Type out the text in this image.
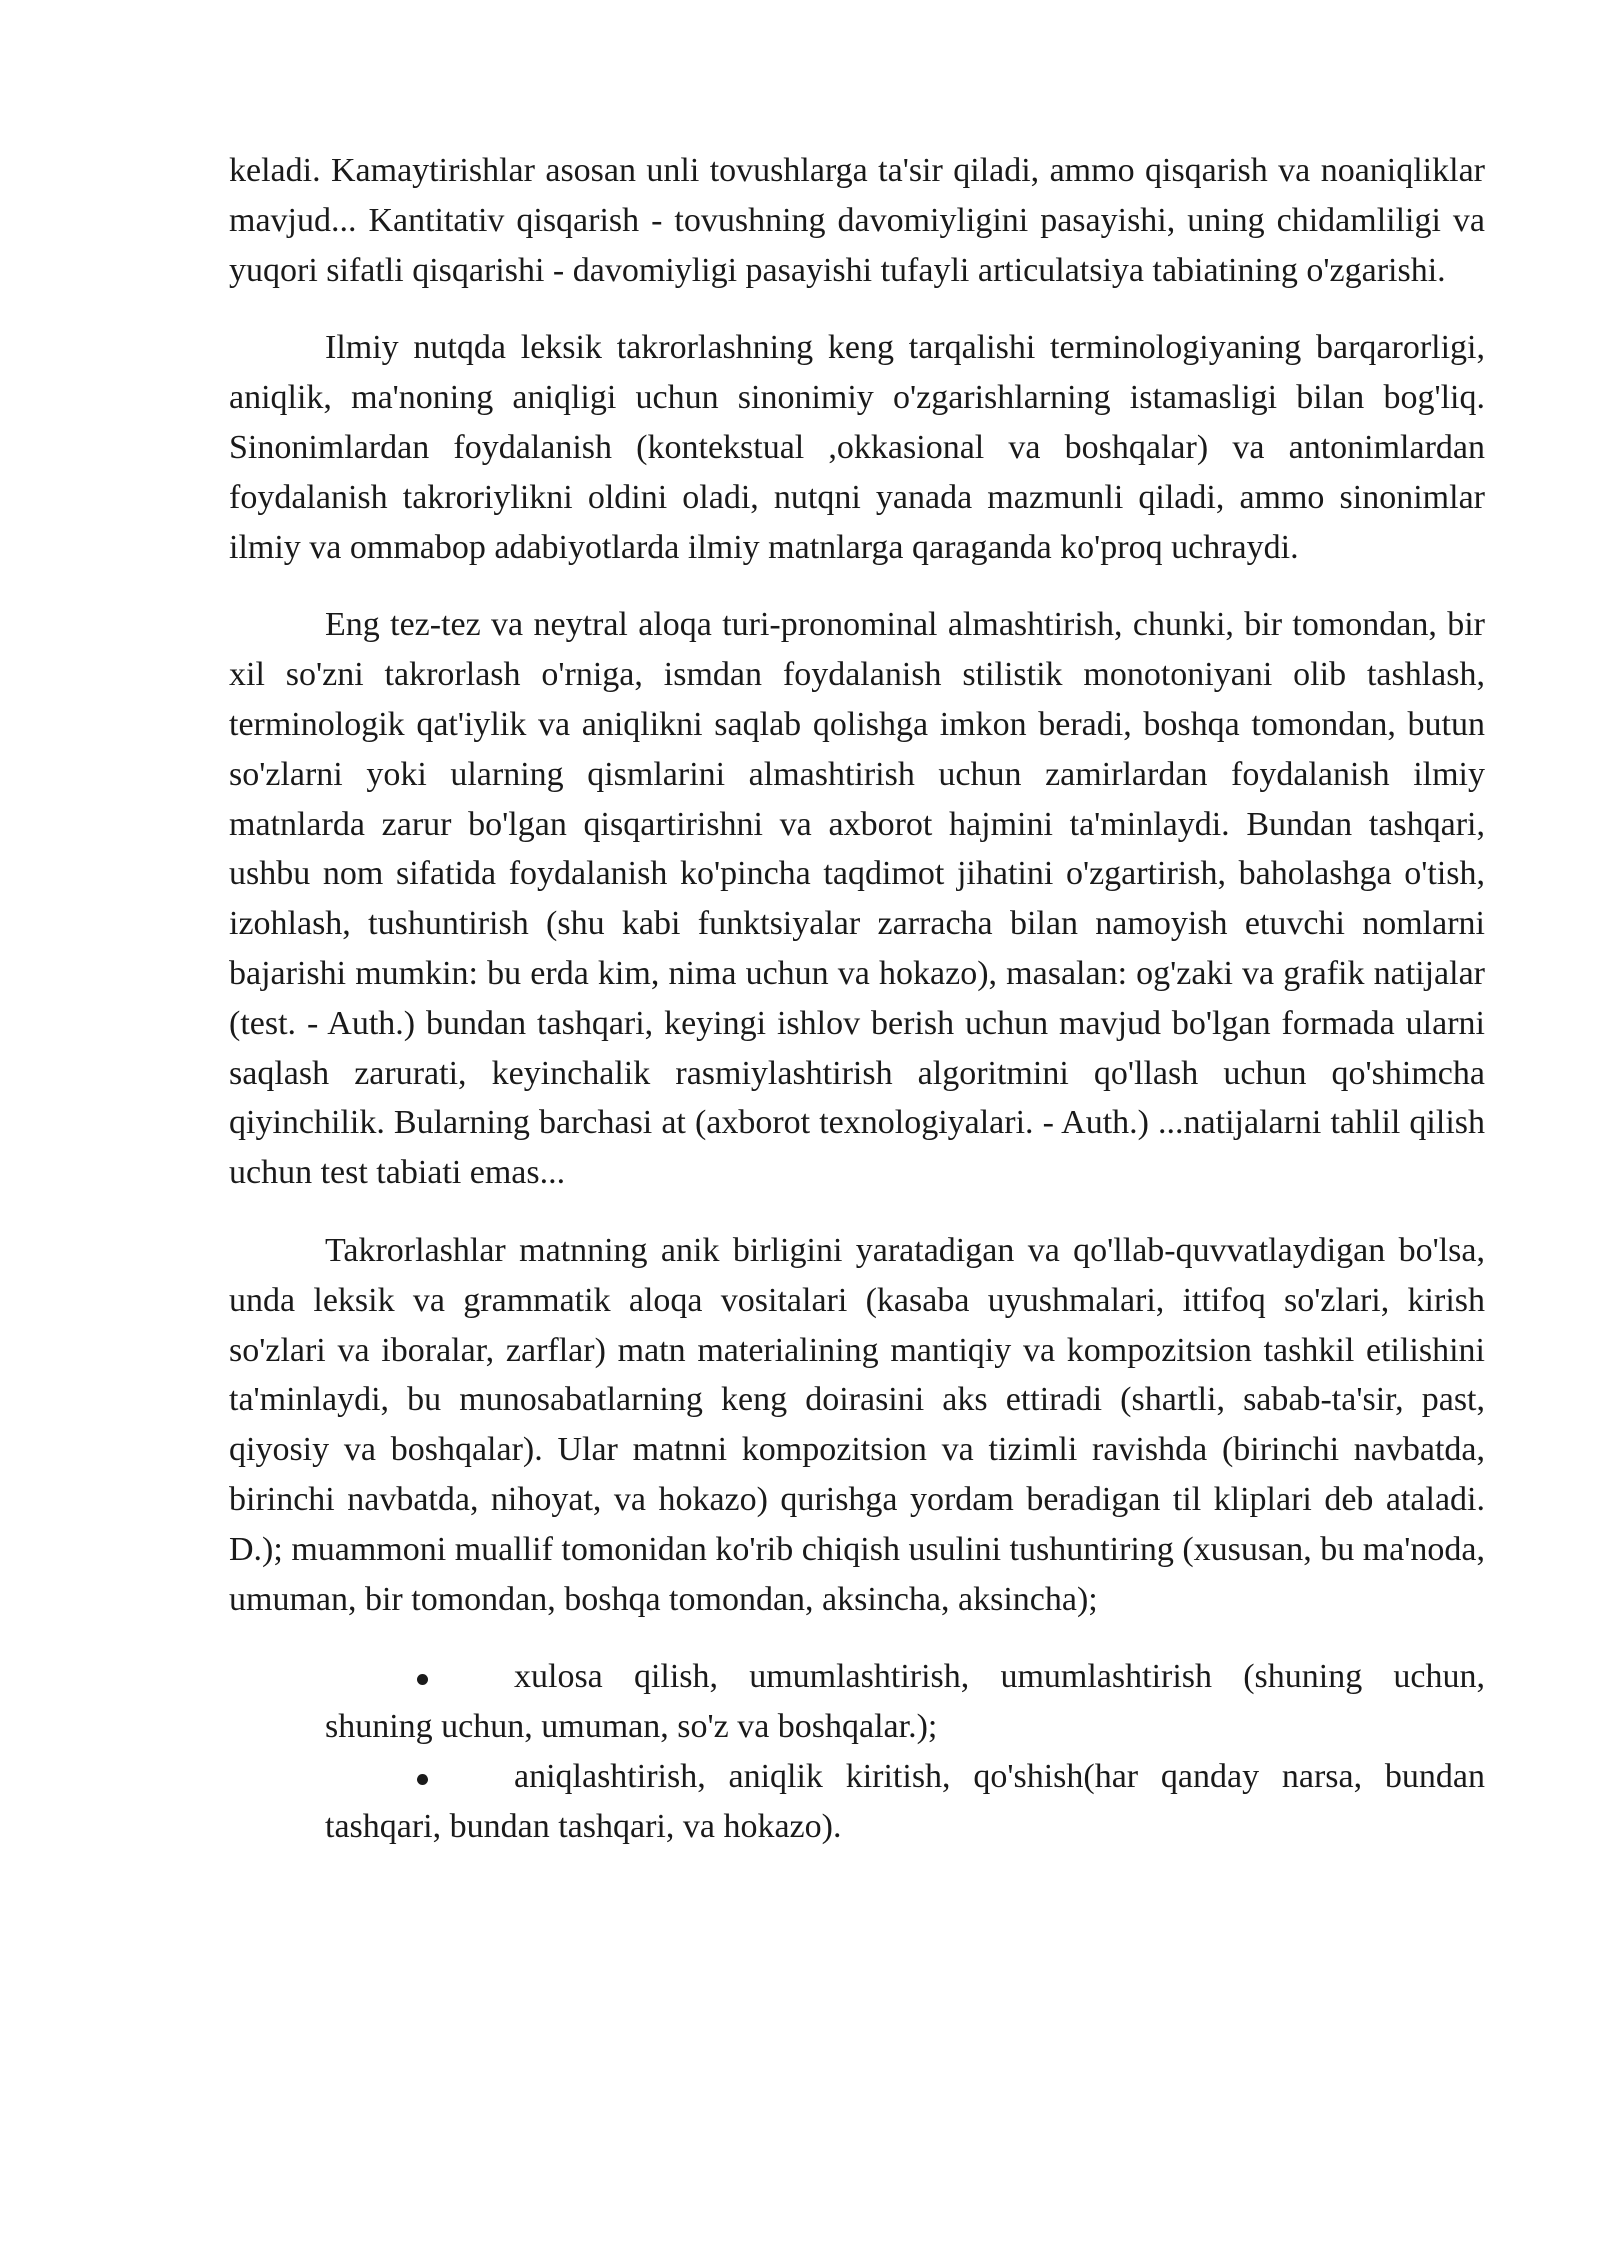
keladi. Kamaytirishlar asosan unli tovushlarga ta'sir qiladi, ammo qisqarish va noaniqliklar mavjud... Kantitativ qisqarish - tovushning davomiyligini pasayishi, uning chidamliligi va yuqori sifatli qisqarishi - davomiyligi pasayishi tufayli articulatsiya tabiatining o'zgarishi.

Ilmiy nutqda leksik takrorlashning keng tarqalishi terminologiyaning barqarorligi, aniqlik, ma'noning aniqligi uchun sinonimiy o'zgarishlarning istamasligi bilan bog'liq. Sinonimlardan foydalanish (kontekstual ,okkasional va boshqalar) va antonimlardan foydalanish takroriylikni oldini oladi, nutqni yanada mazmunli qiladi, ammo sinonimlar ilmiy va ommabop adabiyotlarda ilmiy matnlarga qaraganda ko'proq uchraydi.

Eng tez-tez va neytral aloqa turi-pronominal almashtirish, chunki, bir tomondan, bir xil so'zni takrorlash o'rniga, ismdan foydalanish stilistik monotoniyani olib tashlash, terminologik qat'iylik va aniqlikni saqlab qolishga imkon beradi, boshqa tomondan, butun so'zlarni yoki ularning qismlarini almashtirish uchun zamirlardan foydalanish ilmiy matnlarda zarur bo'lgan qisqartirishni va axborot hajmini ta'minlaydi. Bundan tashqari, ushbu nom sifatida foydalanish ko'pincha taqdimot jihatini o'zgartirish, baholashga o'tish, izohlash, tushuntirish (shu kabi funktsiyalar zarracha bilan namoyish etuvchi nomlarni bajarishi mumkin: bu erda kim, nima uchun va hokazo), masalan: og'zaki va grafik natijalar (test. - Auth.) bundan tashqari, keyingi ishlov berish uchun mavjud bo'lgan formada ularni saqlash zarurati, keyinchalik rasmiylashtirish algoritmini qo'llash uchun qo'shimcha qiyinchilik. Bularning barchasi at (axborot texnologiyalari. - Auth.) ...natijalarni tahlil qilish uchun test tabiati emas...

Takrorlashlar matnning anik birligini yaratadigan va qo'llab-quvvatlaydigan bo'lsa, unda leksik va grammatik aloqa vositalari (kasaba uyushmalari, ittifoq so'zlari, kirish so'zlari va iboralar, zarflar) matn materialining mantiqiy va kompozitsion tashkil etilishini ta'minlaydi, bu munosabatlarning keng doirasini aks ettiradi (shartli, sabab-ta'sir, past, qiyosiy va boshqalar). Ular matnni kompozitsion va tizimli ravishda (birinchi navbatda, birinchi navbatda, nihoyat, va hokazo) qurishga yordam beradigan til kliplari deb ataladi. D.); muammoni muallif tomonidan ko'rib chiqish usulini tushuntiring (xususan, bu ma'noda, umuman, bir tomondan, boshqa tomondan, aksincha, aksincha);

xulosa qilish, umumlashtirish, umumlashtirish (shuning uchun, shuning uchun, umuman, so'z va boshqalar.);
aniqlashtirish, aniqlik kiritish, qo'shish(har qanday narsa, bundan tashqari, bundan tashqari, va hokazo).
